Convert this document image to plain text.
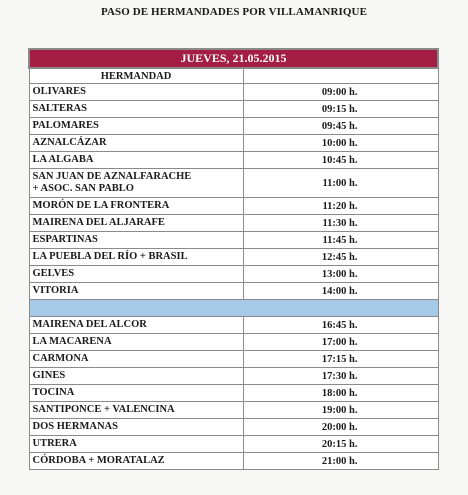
PASO DE HERMANDADES POR VILLAMANRIQUE
JUEVES, 21.05.2015	
HERMANDAD	

OLIVARES	09:00 h.

SALTERAS	09:15 h.

PALOMARES	09:45 h.

AZNALCÁZAR	10:00 h.

LA ALGABA	10:45 h.

SAN JUAN DE AZNALFARACHE
+ ASOC. SAN PABLO	11:00 h.

MORÓN DE LA FRONTERA	11:20 h.

MAIRENA DEL ALJARAFE	11:30 h.

ESPARTINAS	11:45 h.

LA PUEBLA DEL RÍO + BRASIL	12:45 h.

GELVES	13:00 h.

VITORIA	14:00 h.

MAIRENA DEL ALCOR	16:45 h.

LA MACARENA	17:00 h.

CARMONA	17:15 h.

GINES	17:30 h.

TOCINA	18:00 h.

SANTIPONCE + VALENCINA	19:00 h.

DOS HERMANAS	20:00 h.

UTRERA	20:15 h.

CÓRDOBA + MORATALAZ	21:00 h.
